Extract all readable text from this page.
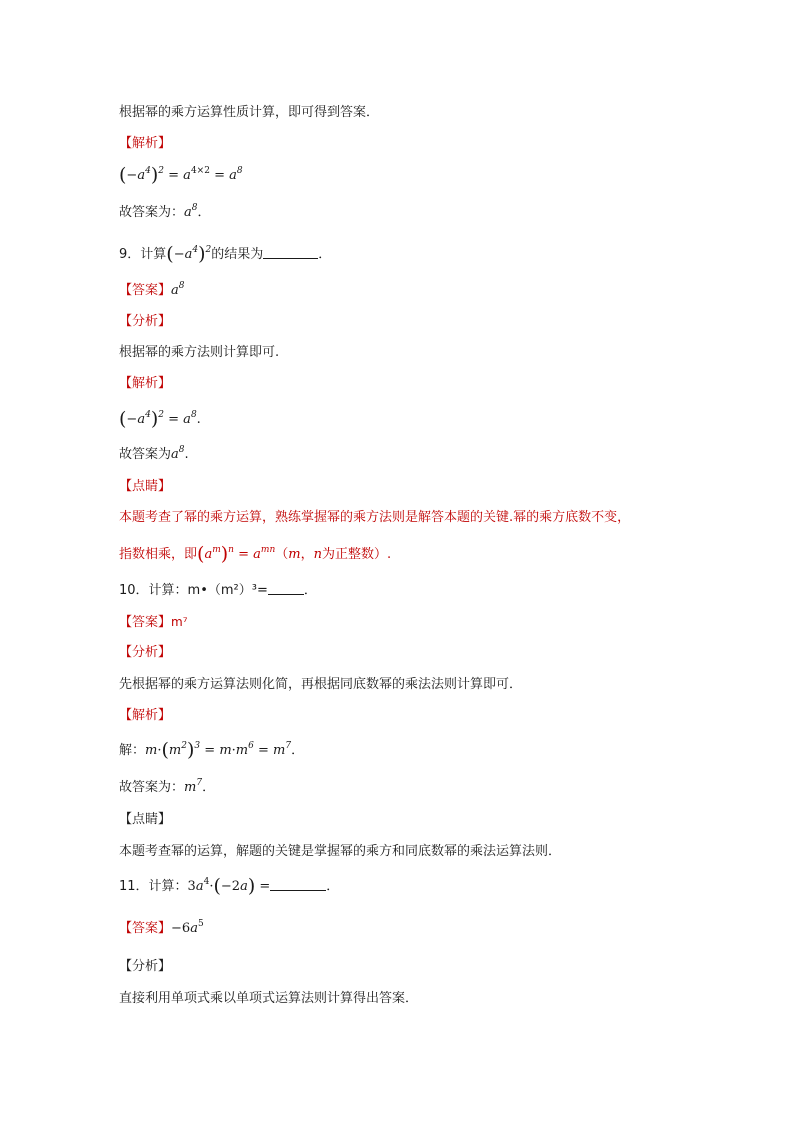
根据幂的乘方运算性质计算，即可得到答案．
【解析】
$(-a^4)^2 = a^{4\times 2} = a^8$
故答案为：$a^8$．
9．计算$(-a^4)^2$的结果为	．
【答案】$a^8$
【分析】
根据幂的乘方法则计算即可.
【解析】
$(-a^4)^2 = a^8$.
故答案为$a^8$.
【点睛】
本题考查了幂的乘方运算，熟练掌握幂的乘方法则是解答本题的关键.幂的乘方底数不变，
指数相乘，即$(a^m)^n = a^{mn}(m$，n为正整数）.
10．计算：m•（m²）³=	．
【答案】m⁷
【分析】
先根据幂的乘方运算法则化简，再根据同底数幂的乘法法则计算即可．
【解析】
解：$m\cdot(m^2)^3 = m\cdot m^6 = m^7$．
故答案为：$m^7$．
【点睛】
本题考查幂的运算，解题的关键是掌握幂的乘方和同底数幂的乘法运算法则．
11．计算：$3a^4\cdot(-2a)$ =	．
【答案】$-6a^5$
【分析】
直接利用单项式乘以单项式运算法则计算得出答案．
